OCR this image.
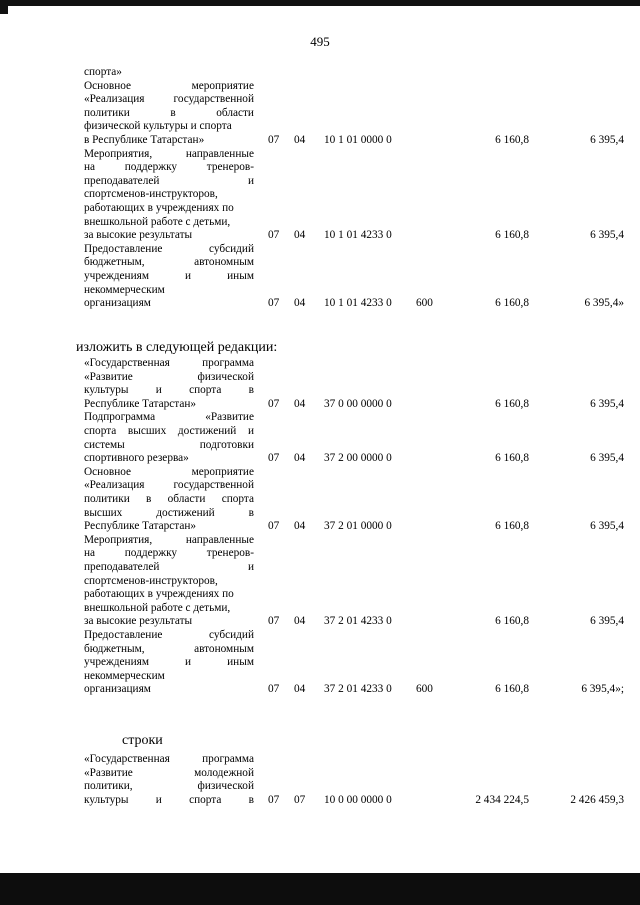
495
спорта»
Основное	мероприятие
«Реализация	государственной
политики	в	области
физической культуры и спорта
в Республике Татарстан»	07 04 10 1 01 0000 0	6 160,8	6 395,4
Мероприятия,	направленные
на	поддержку	тренеров-
преподавателей	и
спортсменов-инструкторов,
работающих в учреждениях по
внешкольной работе с детьми,
за высокие результаты	07 04 10 1 01 4233 0	6 160,8	6 395,4
Предоставление	субсидий
бюджетным,	автономным
учреждениям	и	иным
некоммерческим
организациям	07 04 10 1 01 4233 0 600	6 160,8	6 395,4»
изложить в следующей редакции:
«Государственная	программа
«Развитие	физической
культуры и спорта в
Республике Татарстан»	07 04 37 0 00 0000 0	6 160,8	6 395,4
Подпрограмма	«Развитие
спорта высших достижений и
системы	подготовки
спортивного резерва»	07 04 37 2 00 0000 0	6 160,8	6 395,4
Основное	мероприятие
«Реализация	государственной
политики в области спорта
высших	достижений	в
Республике Татарстан»	07 04 37 2 01 0000 0	6 160,8	6 395,4
Мероприятия,	направленные
на	поддержку	тренеров-
преподавателей	и
спортсменов-инструкторов,
работающих в учреждениях по
внешкольной работе с детьми,
за высокие результаты	07 04 37 2 01 4233 0	6 160,8	6 395,4
Предоставление	субсидий
бюджетным,	автономным
учреждениям	и	иным
некоммерческим
организациям	07 04 37 2 01 4233 0 600	6 160,8	6 395,4»;
строки
«Государственная	программа
«Развитие	молодежной
политики,	физической
культуры и спорта в 07 07 10 0 00 0000 0	2 434 224,5	2 426 459,3
